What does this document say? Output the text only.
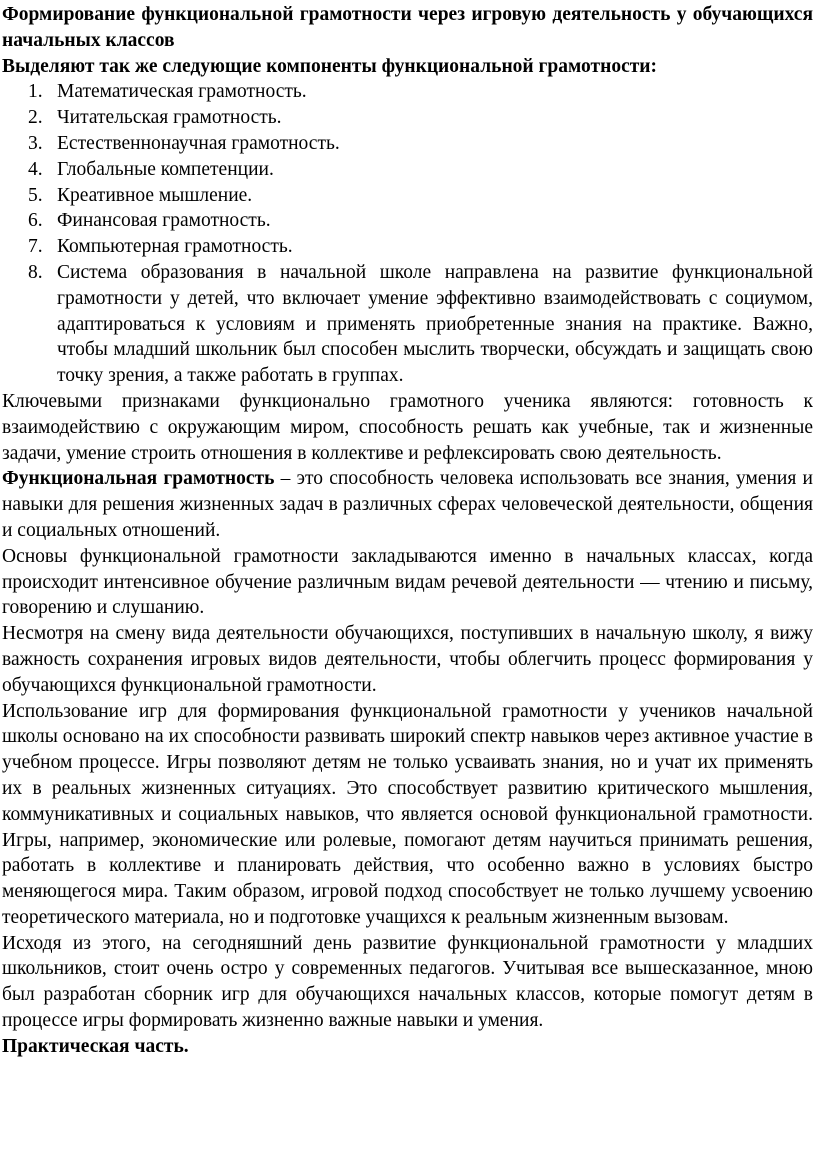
Формирование функциональной грамотности через игровую деятельность у обучающихся начальных классов

Выделяют так же следующие компоненты функциональной грамотности:

Математическая грамотность.
Читательская грамотность.
Естественнонаучная грамотность.
Глобальные компетенции.
Креативное мышление.
Финансовая грамотность.
Компьютерная грамотность.
Система образования в начальной школе направлена на развитие функциональной грамотности у детей, что включает умение эффективно взаимодействовать с социумом, адаптироваться к условиям и применять приобретенные знания на практике. Важно, чтобы младший школьник был способен мыслить творчески, обсуждать и защищать свою точку зрения, а также работать в группах.

Ключевыми признаками функционально грамотного ученика являются: готовность к взаимодействию с окружающим миром, способность решать как учебные, так и жизненные задачи, умение строить отношения в коллективе и рефлексировать свою деятельность.

Функциональная грамотность – это способность человека использовать все знания, умения и навыки для решения жизненных задач в различных сферах человеческой деятельности, общения и социальных отношений.

Основы функциональной грамотности закладываются именно в начальных классах, когда происходит интенсивное обучение различным видам речевой деятельности — чтению и письму, говорению и слушанию.

Несмотря на смену вида деятельности обучающихся, поступивших в начальную школу, я вижу важность сохранения игровых видов деятельности, чтобы облегчить процесс формирования у обучающихся функциональной грамотности.

Использование игр для формирования функциональной грамотности у учеников начальной школы основано на их способности развивать широкий спектр навыков через активное участие в учебном процессе. Игры позволяют детям не только усваивать знания, но и учат их применять их в реальных жизненных ситуациях. Это способствует развитию критического мышления, коммуникативных и социальных навыков, что является основой функциональной грамотности. Игры, например, экономические или ролевые, помогают детям научиться принимать решения, работать в коллективе и планировать действия, что особенно важно в условиях быстро меняющегося мира. Таким образом, игровой подход способствует не только лучшему усвоению теоретического материала, но и подготовке учащихся к реальным жизненным вызовам.

Исходя из этого, на сегодняшний день развитие функциональной грамотности у младших школьников, стоит очень остро у современных педагогов. Учитывая все вышесказанное, мною был разработан сборник игр для обучающихся начальных классов, которые помогут детям в процессе игры формировать жизненно важные навыки и умения.

Практическая часть.
